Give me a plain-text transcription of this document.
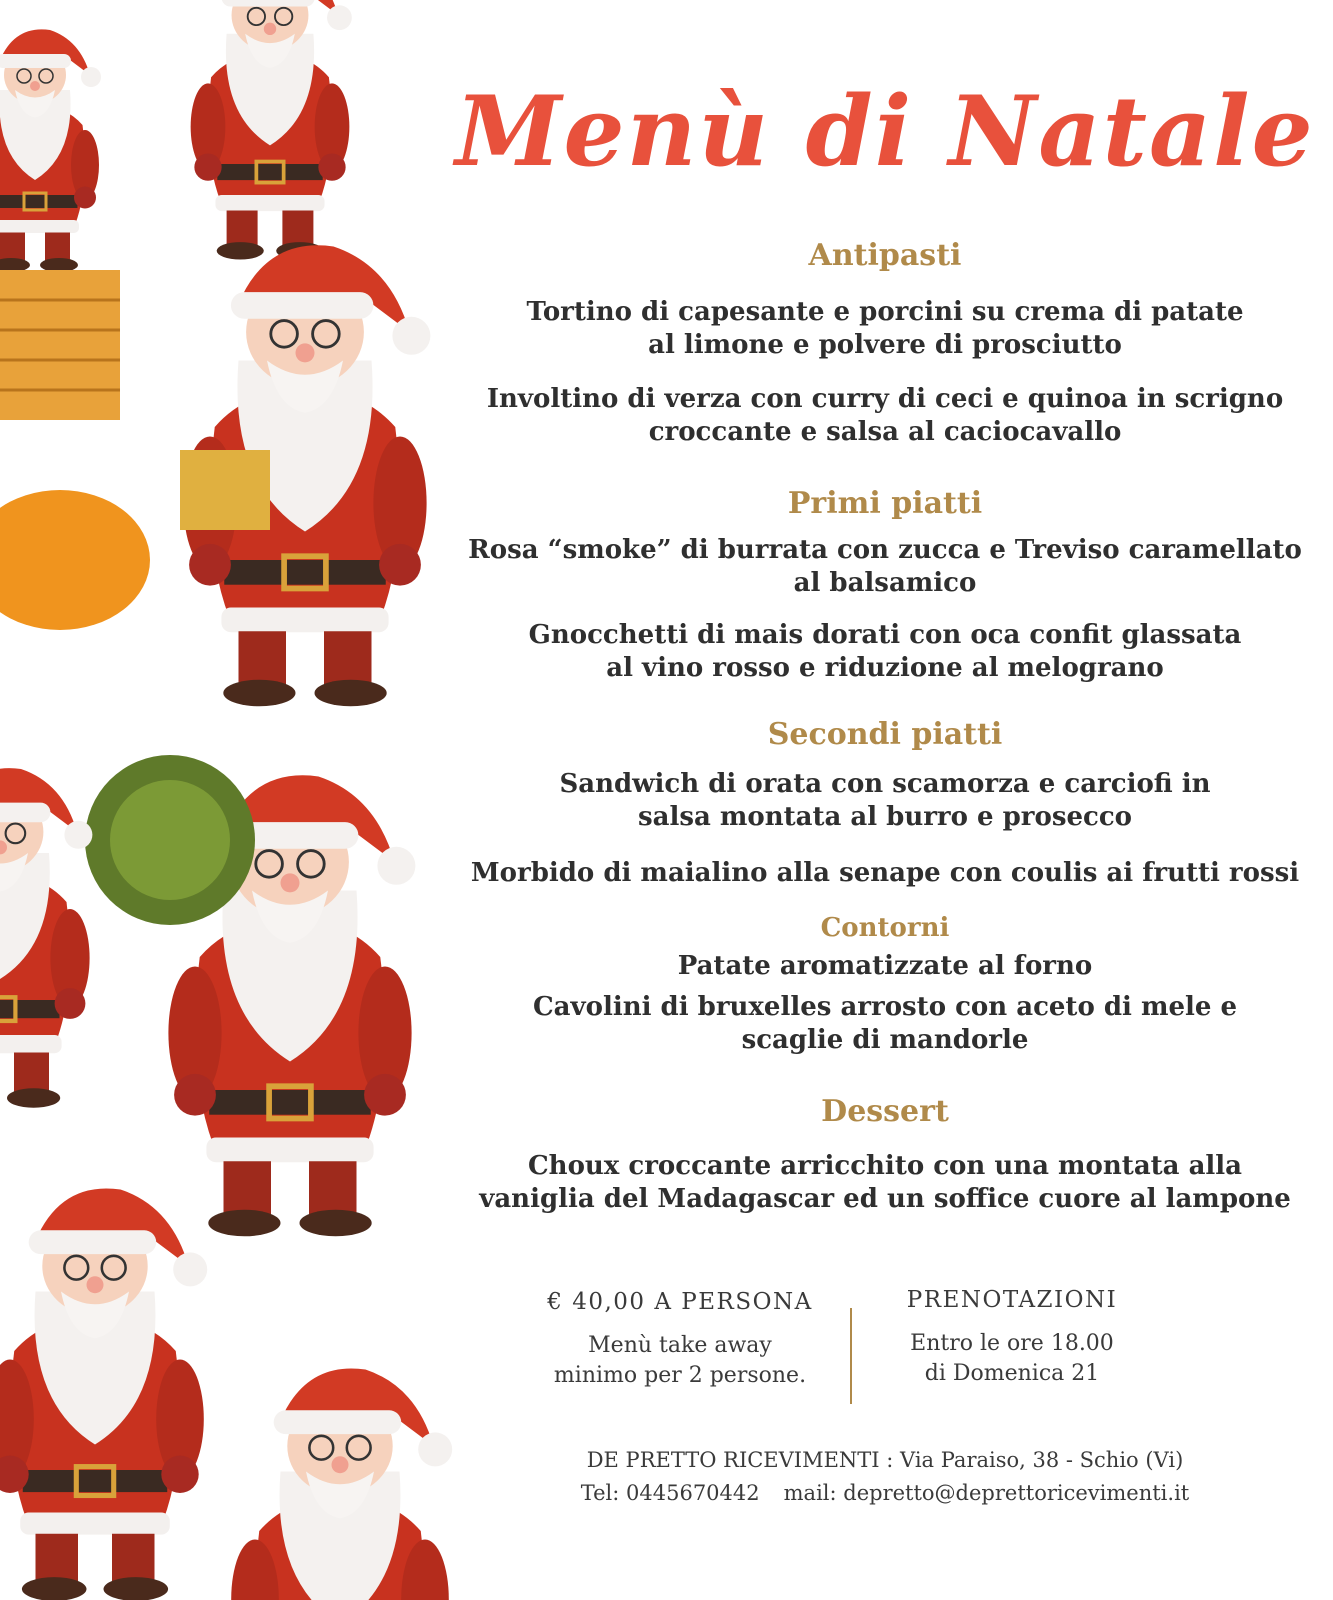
Menù di Natale
Antipasti
Tortino di capesante e porcini su crema di patate
al limone e polvere di prosciutto
Involtino di verza con curry di ceci e quinoa in scrigno
croccante e salsa al caciocavallo
Primi piatti
Rosa “smoke” di burrata con zucca e Treviso caramellato
al balsamico
Gnocchetti di mais dorati con oca confit glassata
al vino rosso e riduzione al melograno
Secondi piatti
Sandwich di orata con scamorza e carciofi in
salsa montata al burro e prosecco
Morbido di maialino alla senape con coulis ai frutti rossi
Contorni
Patate aromatizzate al forno
Cavolini di bruxelles arrosto con aceto di mele e
scaglie di mandorle
Dessert
Choux croccante arricchito con una montata alla
vaniglia del Madagascar ed un soffice cuore al lampone
€ 40,00 A PERSONA
Menù take away
minimo per 2 persone.
PRENOTAZIONI
Entro le ore 18.00
di Domenica 21
DE PRETTO RICEVIMENTI : Via Paraiso, 38 - Schio (Vi)
Tel: 0445670442 mail: depretto@deprettoricevimenti.it
